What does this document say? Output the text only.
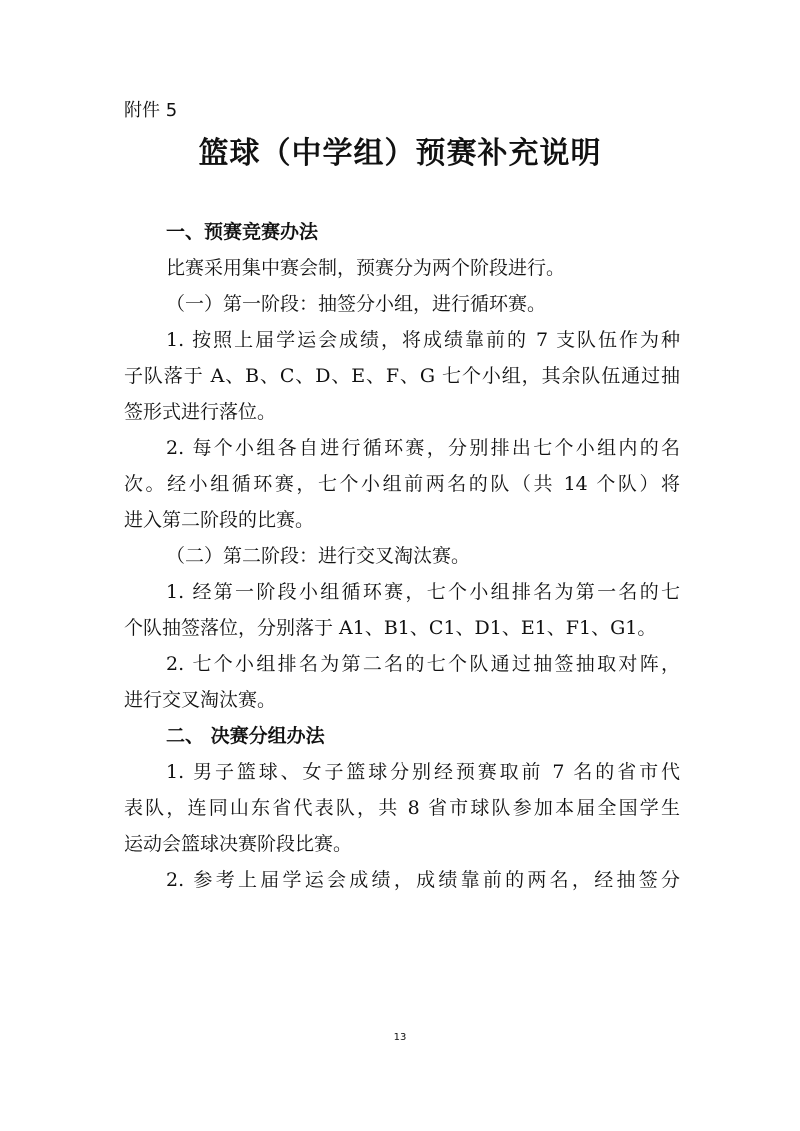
附件 5
篮球（中学组）预赛补充说明
一、预赛竞赛办法
比赛采用集中赛会制，预赛分为两个阶段进行。
（一）第一阶段：抽签分小组，进行循环赛。
1. 按照上届学运会成绩，将成绩靠前的 7 支队伍作为种
子队落于 A、B、C、D、E、F、G 七个小组，其余队伍通过抽
签形式进行落位。
2. 每个小组各自进行循环赛，分别排出七个小组内的名
次。经小组循环赛，七个小组前两名的队（共 14 个队）将
进入第二阶段的比赛。
（二）第二阶段：进行交叉淘汰赛。
1. 经第一阶段小组循环赛，七个小组排名为第一名的七
个队抽签落位，分别落于 A1、B1、C1、D1、E1、F1、G1。
2. 七个小组排名为第二名的七个队通过抽签抽取对阵，
进行交叉淘汰赛。
二、 决赛分组办法
1. 男子篮球、女子篮球分别经预赛取前 7 名的省市代
表队，连同山东省代表队，共 8 省市球队参加本届全国学生
运动会篮球决赛阶段比赛。
2. 参考上届学运会成绩，成绩靠前的两名，经抽签分
13
